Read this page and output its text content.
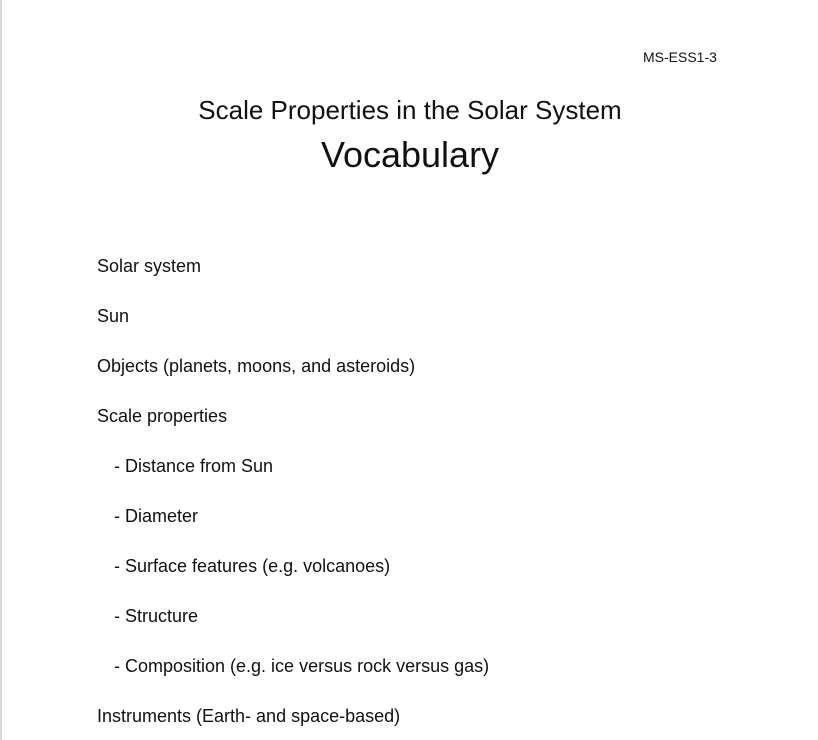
MS-ESS1-3
Scale Properties in the Solar System
Vocabulary
Solar system
Sun
Objects (planets, moons, and asteroids)
Scale properties
- Distance from Sun
- Diameter
- Surface features (e.g. volcanoes)
- Structure
- Composition (e.g. ice versus rock versus gas)
Instruments (Earth- and space-based)
